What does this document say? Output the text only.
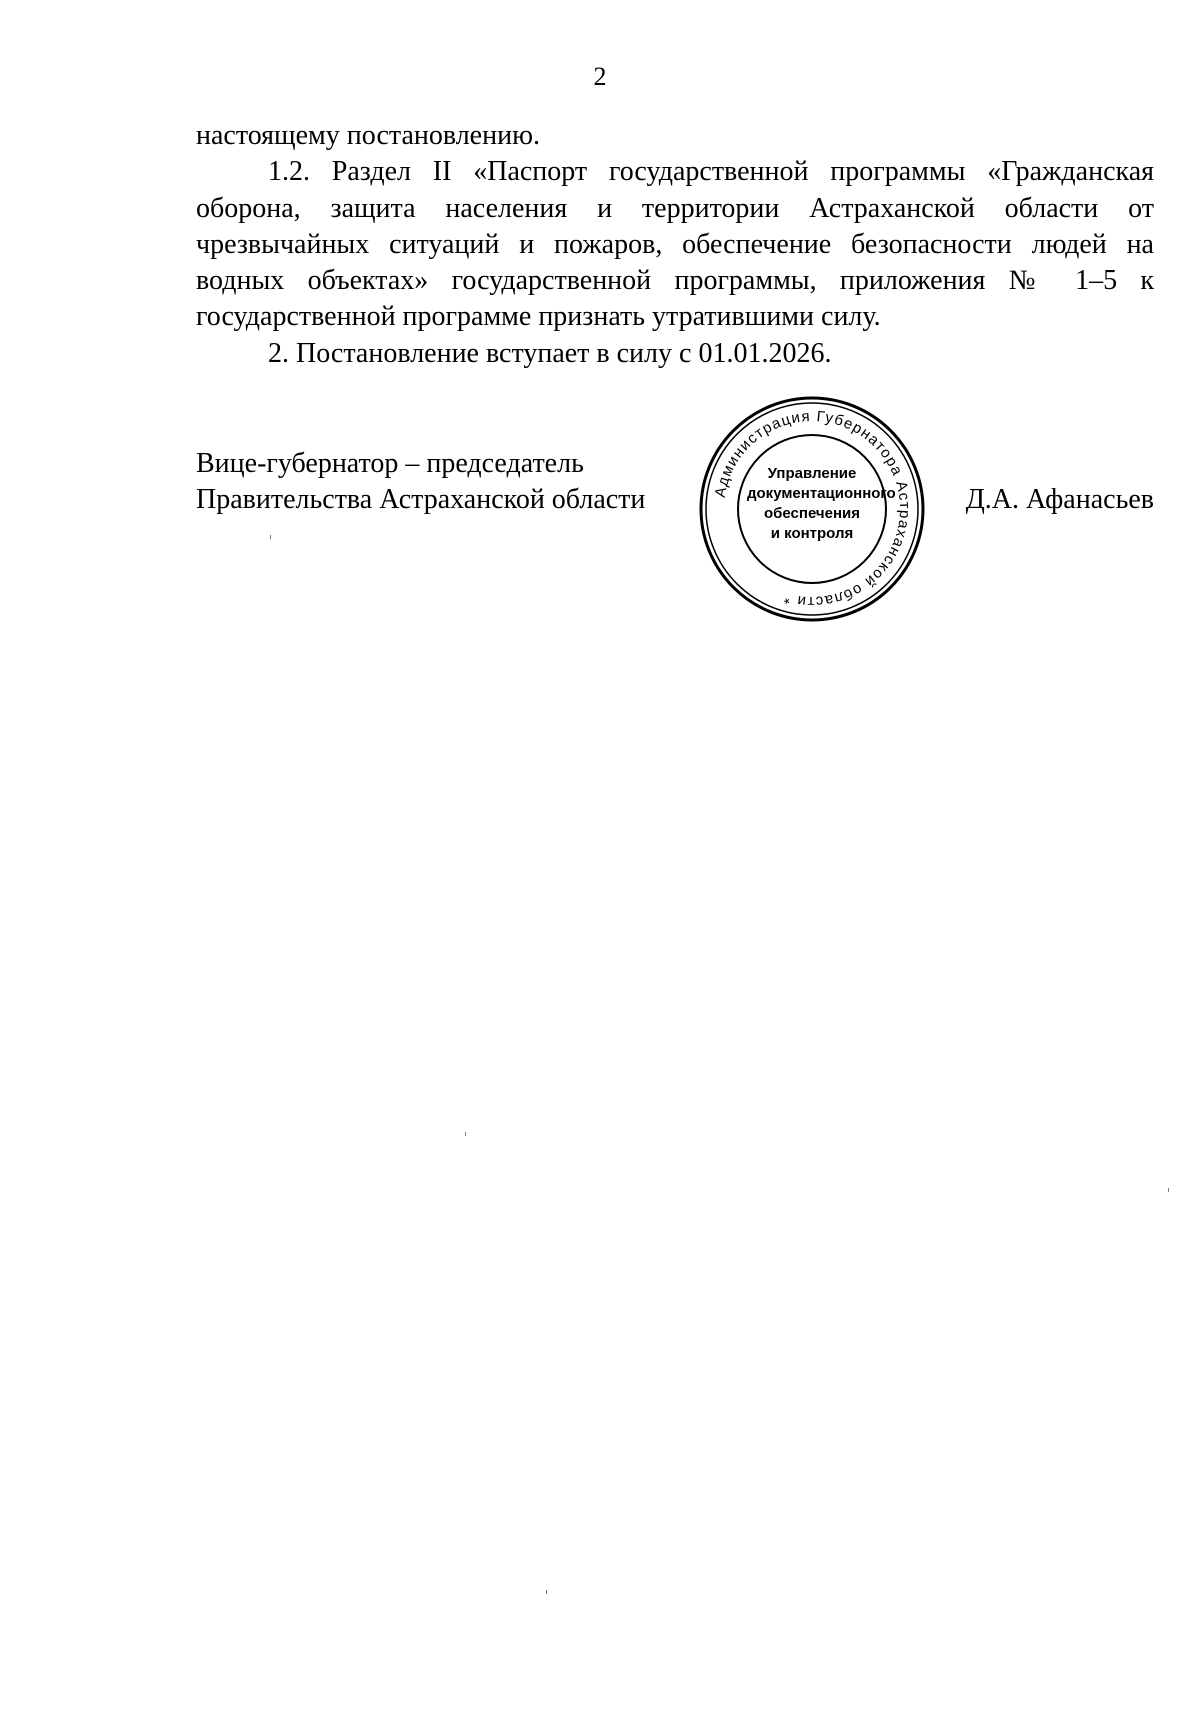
2

настоящему постановлению.

1.2. Раздел II «Паспорт государственной программы «Гражданская оборона, защита населения и территории Астраханской области от чрезвычайных ситуаций и пожаров, обеспечение безопасности людей на водных объектах» государственной программы, приложения № 1–5 к государственной программе признать утратившими силу.

2. Постановление вступает в силу с 01.01.2026.

Вице-губернатор – председатель
Правительства Астраханской области	Администрация Губернатора Астраханской области *
Управление
документационного
обеспечения
и контроля
Д.А. Афанасьев
